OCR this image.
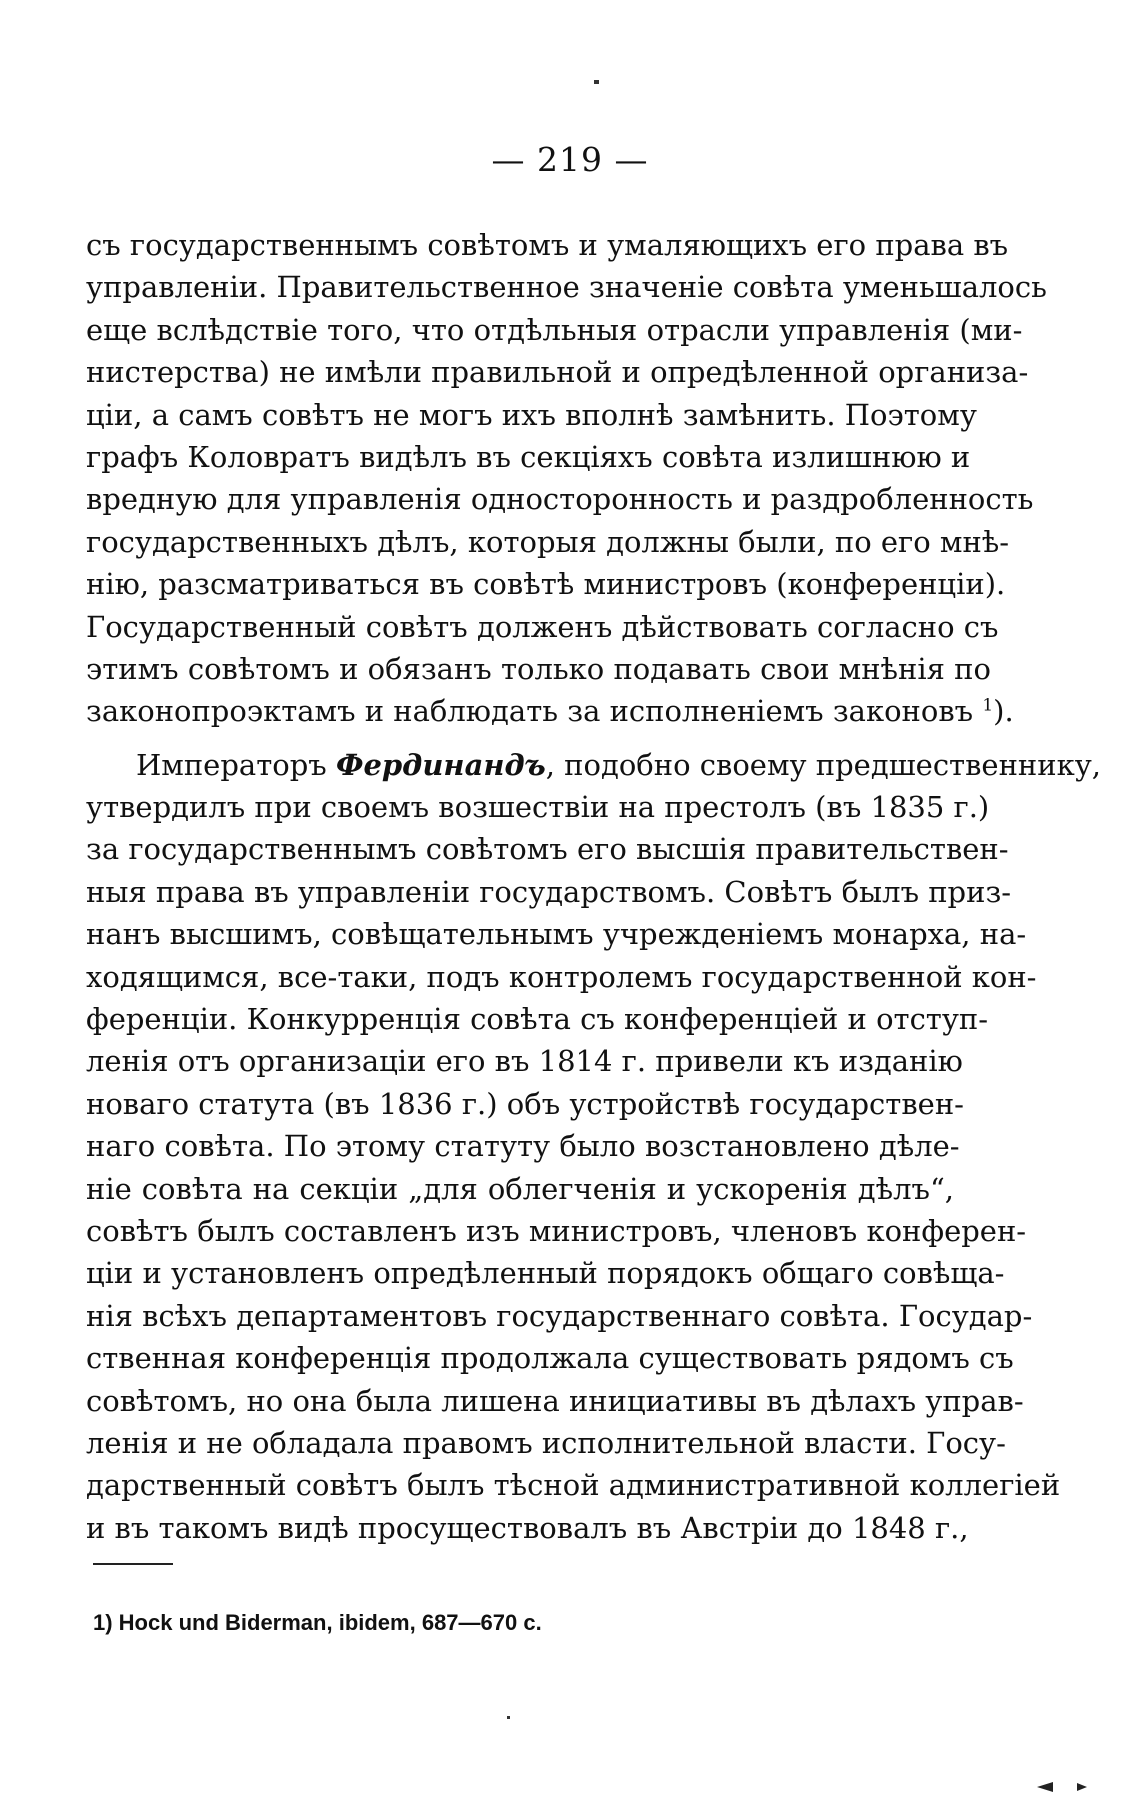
— 219 —
съ государственнымъ совѣтомъ и умаляющихъ его права въ
управленiи. Правительственное значенiе совѣта уменьшалось
еще вслѣдствiе того, что отдѣльныя отрасли управленiя (ми-
нистерства) не имѣли правильной и опредѣленной организа-
цiи, а самъ совѣтъ не могъ ихъ вполнѣ замѣнить. Поэтому
графъ Коловратъ видѣлъ въ секцiяхъ совѣта излишнюю и
вредную для управленiя односторонность и раздробленность
государственныхъ дѣлъ, которыя должны были, по его мнѣ-
нiю, разсматриваться въ совѣтѣ министровъ (конференцiи).
Государственный совѣтъ долженъ дѣйствовать согласно съ
этимъ совѣтомъ и обязанъ только подавать свои мнѣнiя по
законопроэктамъ и наблюдать за исполненiемъ законовъ $^1$).
Императоръ Фердинандъ, подобно своему предшественнику,
утвердилъ при своемъ возшествiи на престолъ (въ 1835 г.)
за государственнымъ совѣтомъ его высшiя правительствен-
ныя права въ управленiи государствомъ. Совѣтъ былъ приз-
нанъ высшимъ, совѣщательнымъ учрежденiемъ монарха, на-
ходящимся, все-таки, подъ контролемъ государственной кон-
ференцiи. Конкурренцiя совѣта съ конференцiей и отступ-
ленiя отъ организацiи его въ 1814 г. привели къ изданiю
новаго статута (въ 1836 г.) объ устройствѣ государствен-
наго совѣта. По этому статуту было возстановлено дѣле-
нiе совѣта на секцiи „для облегченiя и ускоренiя дѣлъ“,
совѣтъ былъ составленъ изъ министровъ, членовъ конферен-
цiи и установленъ опредѣленный порядокъ общаго совѣща-
нiя всѣхъ департаментовъ государственнаго совѣта. Государ-
ственная конференцiя продолжала существовать рядомъ съ
совѣтомъ, но она была лишена инициативы въ дѣлахъ управ-
ленiя и не обладала правомъ исполнительной власти. Госу-
дарственный совѣтъ былъ тѣсной административной коллегiей
и въ такомъ видѣ просуществовалъ въ Австрiи до 1848 г.,
1) Hock und Biderman, ibidem, 687—670 c.
